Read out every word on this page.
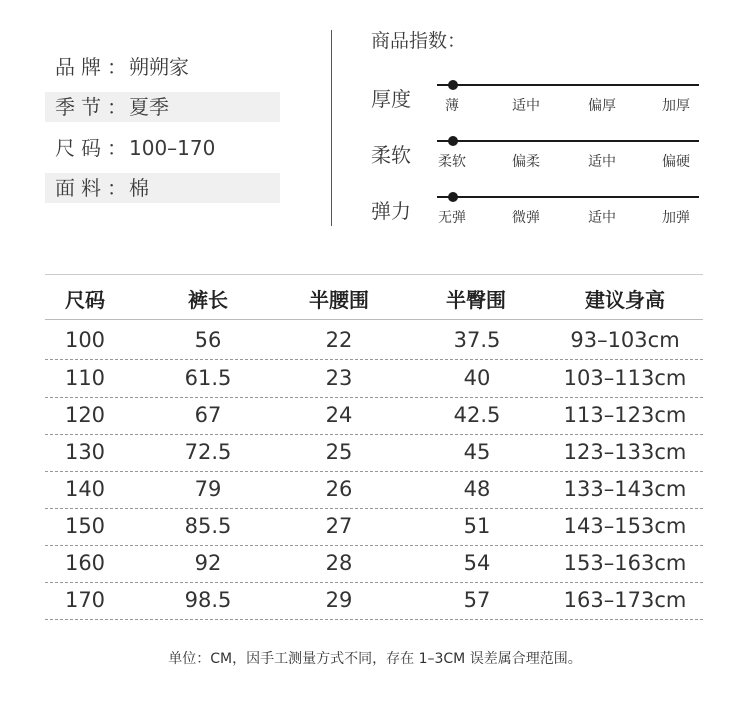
品牌：
朔朔家
季节：
夏季
尺码：
100–170
面料：
棉
商品指数：
厚度	薄	适中	偏厚	加厚
柔软	柔软	偏柔	适中	偏硬
弹力	无弹	微弹	适中	加弹
尺码	裤长	半腰围	半臀围	建议身高
100	56	22	37.5	93–103cm
110	61.5	23	40	103–113cm
120	67	24	42.5	113–123cm
130	72.5	25	45	123–133cm
140	79	26	48	133–143cm
150	85.5	27	51	143–153cm
160	92	28	54	153–163cm
170	98.5	29	57	163–173cm
单位：CM，因手工测量方式不同，存在 1–3CM 误差属合理范围。
